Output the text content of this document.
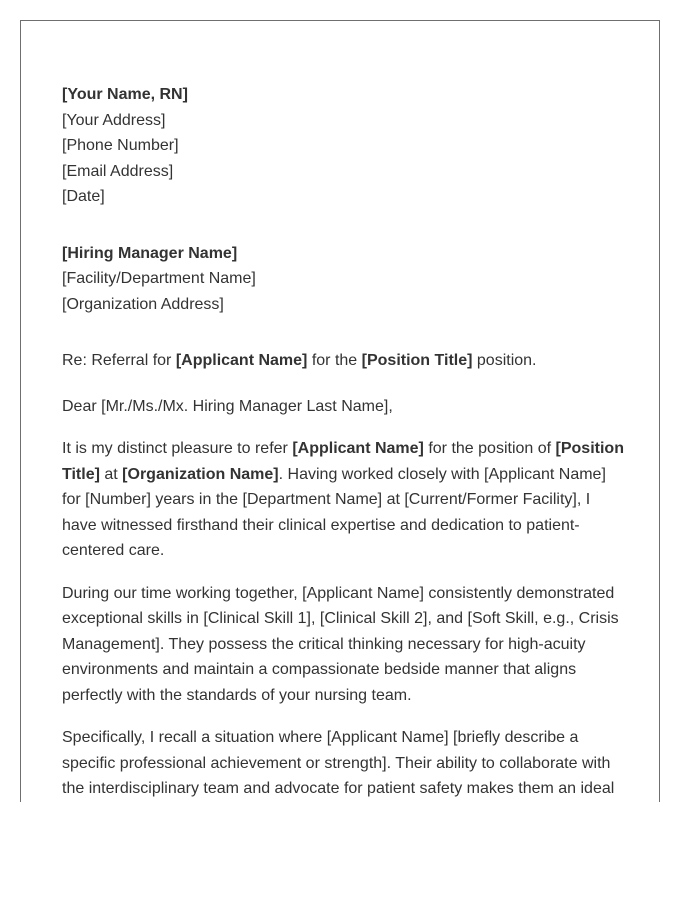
[Your Name, RN]
[Your Address]
[Phone Number]
[Email Address]
[Date]
[Hiring Manager Name]
[Facility/Department Name]
[Organization Address]
Re: Referral for [Applicant Name] for the [Position Title] position.
Dear [Mr./Ms./Mx. Hiring Manager Last Name],
It is my distinct pleasure to refer [Applicant Name] for the position of [Position Title] at [Organization Name]. Having worked closely with [Applicant Name] for [Number] years in the [Department Name] at [Current/Former Facility], I have witnessed firsthand their clinical expertise and dedication to patient-centered care.
During our time working together, [Applicant Name] consistently demonstrated exceptional skills in [Clinical Skill 1], [Clinical Skill 2], and [Soft Skill, e.g., Crisis Management]. They possess the critical thinking necessary for high-acuity environments and maintain a compassionate bedside manner that aligns perfectly with the standards of your nursing team.
Specifically, I recall a situation where [Applicant Name] [briefly describe a specific professional achievement or strength]. Their ability to collaborate with the interdisciplinary team and advocate for patient safety makes them an ideal
